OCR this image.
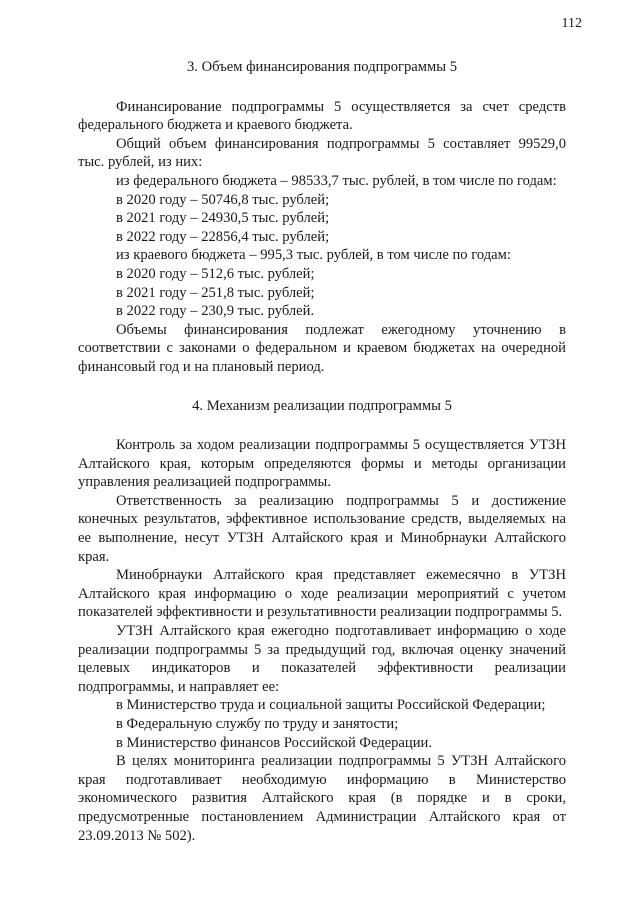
112
3. Объем финансирования подпрограммы 5

Финансирование подпрограммы 5 осуществляется за счет средств федерального бюджета и краевого бюджета.

Общий объем финансирования подпрограммы 5 составляет 99529,0 тыс. рублей, из них:

из федерального бюджета – 98533,7 тыс. рублей, в том числе по годам:

в 2020 году – 50746,8 тыс. рублей;

в 2021 году – 24930,5 тыс. рублей;

в 2022 году – 22856,4 тыс. рублей;

из краевого бюджета – 995,3 тыс. рублей, в том числе по годам:

в 2020 году – 512,6 тыс. рублей;

в 2021 году – 251,8 тыс. рублей;

в 2022 году – 230,9 тыс. рублей.

Объемы финансирования подлежат ежегодному уточнению в соответствии с законами о федеральном и краевом бюджетах на очередной финансовый год и на плановый период.

4. Механизм реализации подпрограммы 5

Контроль за ходом реализации подпрограммы 5 осуществляется УТЗН Алтайского края, которым определяются формы и методы организации управления реализацией подпрограммы.

Ответственность за реализацию подпрограммы 5 и достижение конечных результатов, эффективное использование средств, выделяемых на ее выполнение, несут УТЗН Алтайского края и Минобрнауки Алтайского края.

Минобрнауки Алтайского края представляет ежемесячно в УТЗН Алтайского края информацию о ходе реализации мероприятий с учетом показателей эффективности и результативности реализации подпрограммы 5.

УТЗН Алтайского края ежегодно подготавливает информацию о ходе реализации подпрограммы 5 за предыдущий год, включая оценку значений целевых индикаторов и показателей эффективности реализации подпрограммы, и направляет ее:

в Министерство труда и социальной защиты Российской Федерации;

в Федеральную службу по труду и занятости;

в Министерство финансов Российской Федерации.

В целях мониторинга реализации подпрограммы 5 УТЗН Алтайского края подготавливает необходимую информацию в Министерство экономического развития Алтайского края (в порядке и в сроки, предусмотренные постановлением Администрации Алтайского края от 23.09.2013 № 502).
